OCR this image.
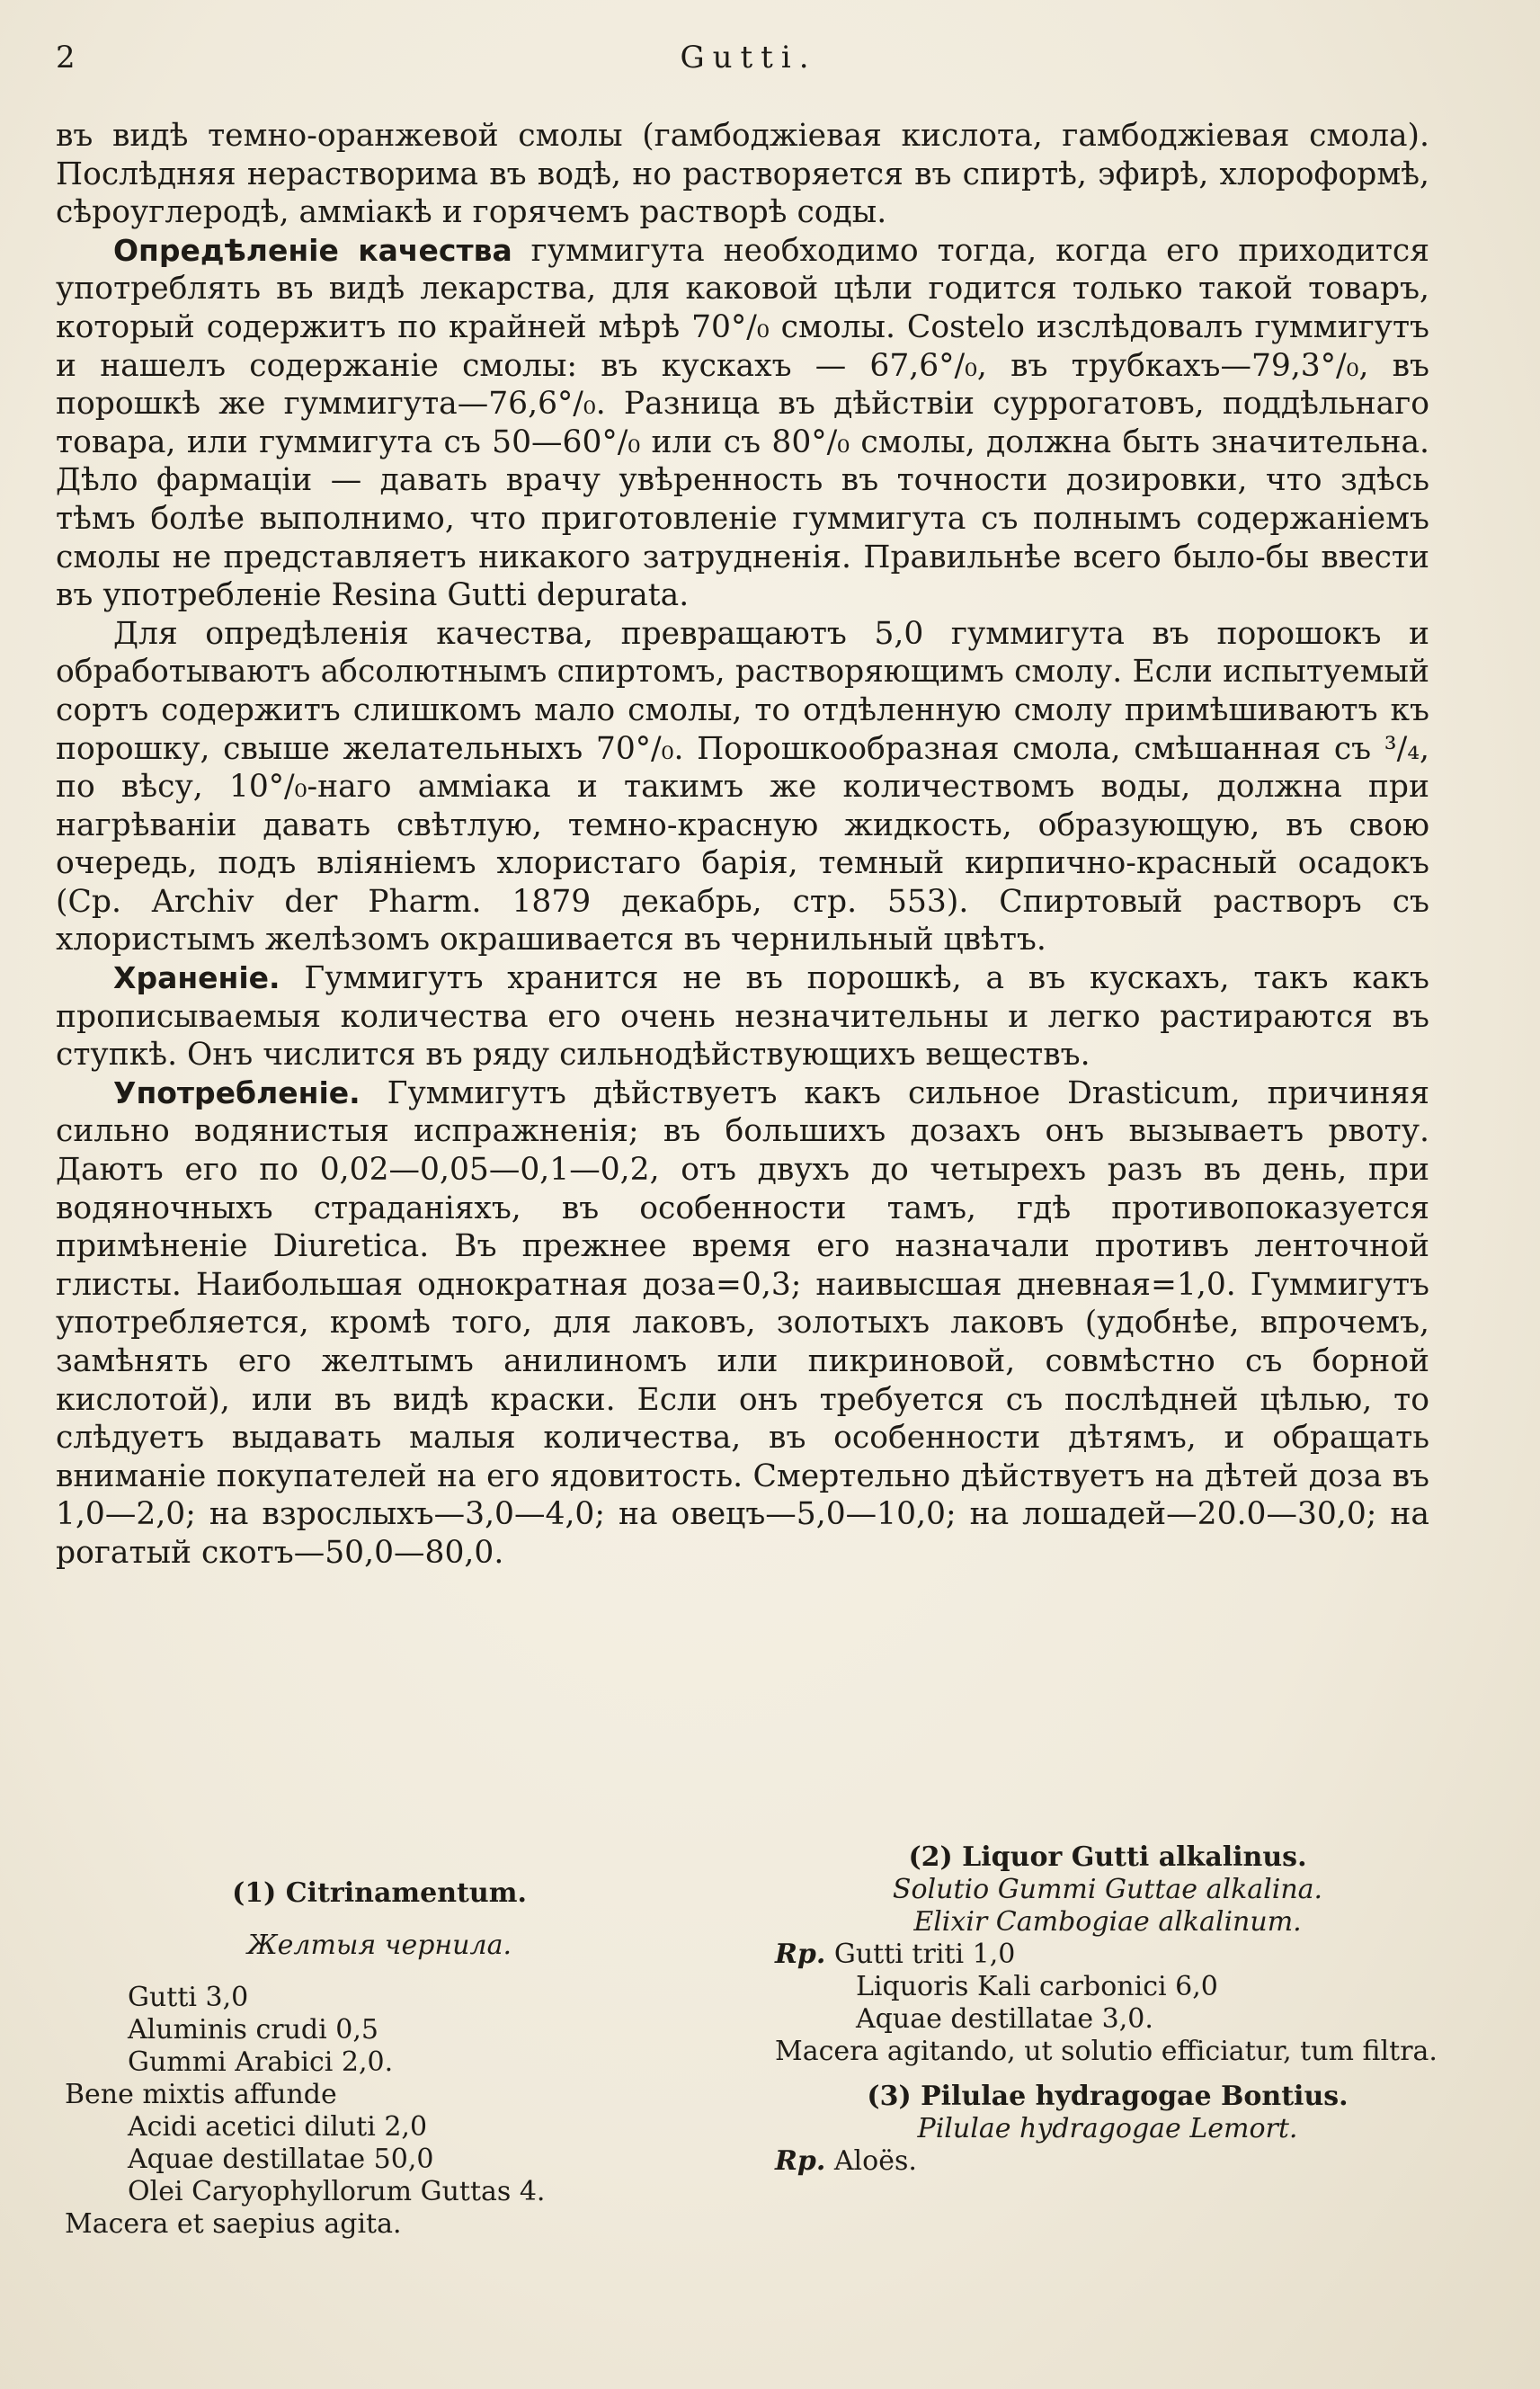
2	Gutti.

въ видѣ темно-оранжевой смолы (гамбоджіевая кислота, гамбоджіевая смола). Послѣдняя нерастворима въ водѣ, но растворяется въ спиртѣ, эфирѣ, хлороформѣ, сѣроуглеродѣ, амміакѣ и горячемъ растворѣ соды.

Опредѣленіе качества гуммигута необходимо тогда, когда его приходится употреблять въ видѣ лекарства, для каковой цѣли годится только такой товаръ, который содержитъ по крайней мѣрѣ 70°/₀ смолы. Costelo изслѣдовалъ гуммигутъ и нашелъ содержаніе смолы: въ кускахъ — 67,6°/₀, въ трубкахъ—79,3°/₀, въ порошкѣ же гуммигута—76,6°/₀. Разница въ дѣйствіи суррогатовъ, поддѣльнаго товара, или гуммигута съ 50—60°/₀ или съ 80°/₀ смолы, должна быть значительна. Дѣло фармаціи — давать врачу увѣренность въ точности дозировки, что здѣсь тѣмъ болѣе выполнимо, что приготовленіе гуммигута съ полнымъ содержаніемъ смолы не представляетъ никакого затрудненія. Правильнѣе всего было-бы ввести въ употребленіе Resina Gutti depurata.

Для опредѣленія качества, превращаютъ 5,0 гуммигута въ порошокъ и обработываютъ абсолютнымъ спиртомъ, растворяющимъ смолу. Если испытуемый сортъ содержитъ слишкомъ мало смолы, то отдѣленную смолу примѣшиваютъ къ порошку, свыше желательныхъ 70°/₀. Порошкообразная смола, смѣшанная съ ³/₄, по вѣсу, 10°/₀-наго амміака и такимъ же количествомъ воды, должна при нагрѣваніи давать свѣтлую, темно-красную жидкость, образующую, въ свою очередь, подъ вліяніемъ хлористаго барія, темный кирпично-красный осадокъ (Ср. Archiv der Pharm. 1879 декабрь, стр. 553). Спиртовый растворъ съ хлористымъ желѣзомъ окрашивается въ чернильный цвѣтъ.

Храненіе. Гуммигутъ хранится не въ порошкѣ, а въ кускахъ, такъ какъ прописываемыя количества его очень незначительны и легко растираются въ ступкѣ. Онъ числится въ ряду сильнодѣйствующихъ веществъ.

Употребленіе. Гуммигутъ дѣйствуетъ какъ сильное Drasticum, причиняя сильно водянистыя испражненія; въ большихъ дозахъ онъ вызываетъ рвоту. Даютъ его по 0,02—0,05—0,1—0,2, отъ двухъ до четырехъ разъ въ день, при водяночныхъ страданіяхъ, въ особенности тамъ, гдѣ противопоказуется примѣненіе Diuretica. Въ прежнее время его назначали противъ ленточной глисты. Наибольшая однократная доза=0,3; наивысшая дневная=1,0. Гуммигутъ употребляется, кромѣ того, для лаковъ, золотыхъ лаковъ (удобнѣе, впрочемъ, замѣнять его желтымъ анилиномъ или пикриновой, совмѣстно съ борной кислотой), или въ видѣ краски. Если онъ требуется съ послѣдней цѣлью, то слѣдуетъ выдавать малыя количества, въ особенности дѣтямъ, и обращать вниманіе покупателей на его ядовитость. Смертельно дѣйствуетъ на дѣтей доза въ 1,0—2,0; на взрослыхъ—3,0—4,0; на овецъ—5,0—10,0; на лошадей—20.0—30,0; на рогатый скотъ—50,0—80,0.

(1) Citrinamentum.

Желтыя чернила.

Gutti 3,0

Aluminis crudi 0,5

Gummi Arabici 2,0.

Bene mixtis affunde

Acidi acetici diluti 2,0

Aquae destillatae 50,0

Olei Caryophyllorum Guttas 4.

Macera et saepius agita.

(2) Liquor Gutti alkalinus.

Solutio Gummi Guttae alkalina.

Elixir Cambogiae alkalinum.

Rp. Gutti triti 1,0

Liquoris Kali carbonici 6,0

Aquae destillatae 3,0.

Macera agitando, ut solutio efficiatur, tum filtra.

(3) Pilulae hydragogae Bontius.

Pilulae hydragogae Lemort.

Rp. Aloës.
